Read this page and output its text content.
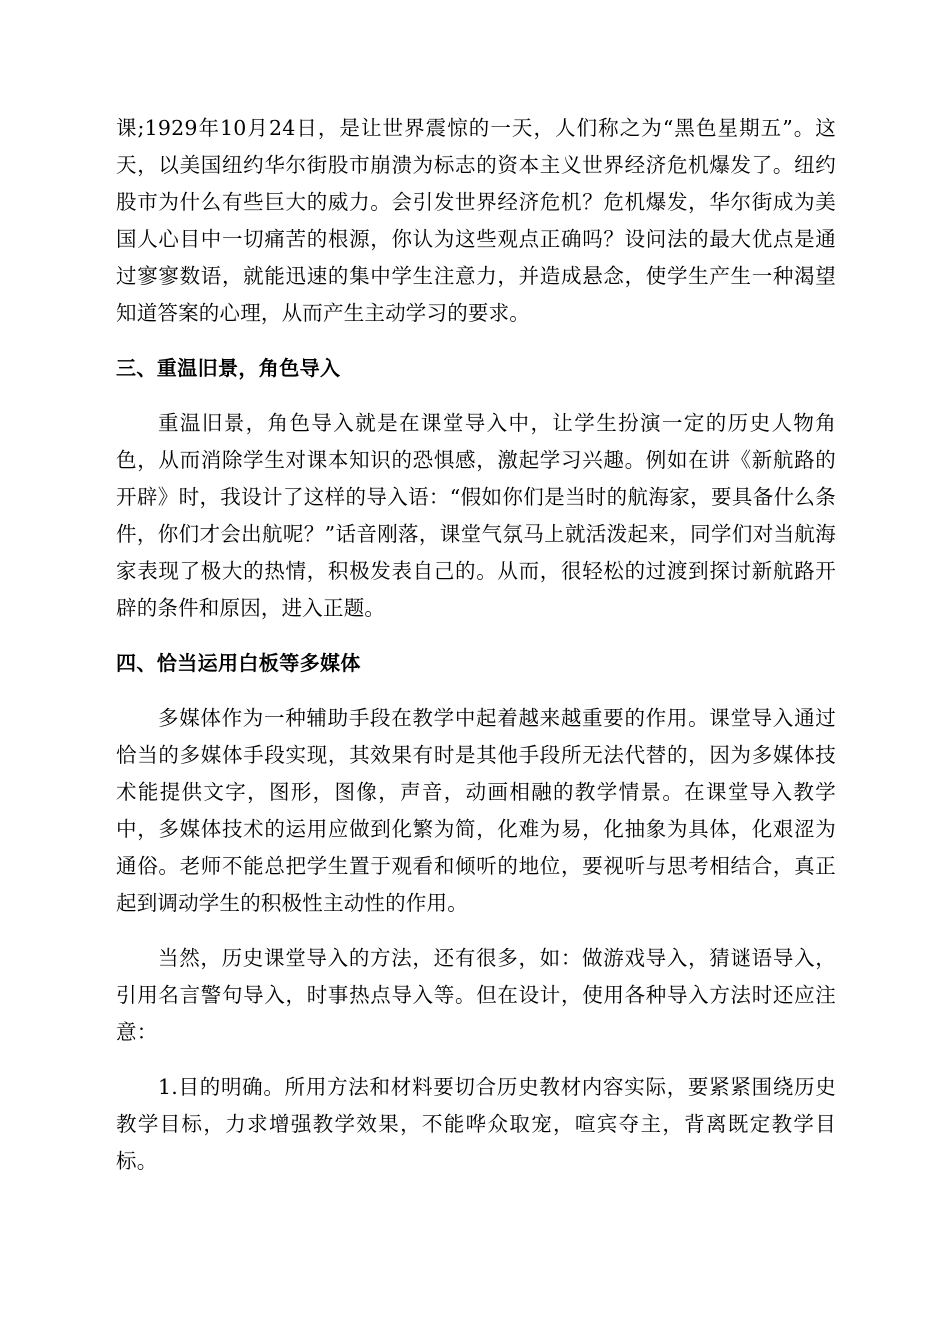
课;1929年10月24日，是让世界震惊的一天，人们称之为“黑色星期五”。这天，以美国纽约华尔街股市崩溃为标志的资本主义世界经济危机爆发了。纽约股市为什么有些巨大的威力。会引发世界经济危机？危机爆发，华尔街成为美国人心目中一切痛苦的根源，你认为这些观点正确吗？设问法的最大优点是通过寥寥数语，就能迅速的集中学生注意力，并造成悬念，使学生产生一种渴望知道答案的心理，从而产生主动学习的要求。

三、重温旧景，角色导入

重温旧景，角色导入就是在课堂导入中，让学生扮演一定的历史人物角色，从而消除学生对课本知识的恐惧感，激起学习兴趣。例如在讲《新航路的开辟》时，我设计了这样的导入语：“假如你们是当时的航海家，要具备什么条件，你们才会出航呢？”话音刚落，课堂气氛马上就活泼起来，同学们对当航海家表现了极大的热情，积极发表自己的。从而，很轻松的过渡到探讨新航路开辟的条件和原因，进入正题。

四、恰当运用白板等多媒体

多媒体作为一种辅助手段在教学中起着越来越重要的作用。课堂导入通过恰当的多媒体手段实现，其效果有时是其他手段所无法代替的，因为多媒体技术能提供文字，图形，图像，声音，动画相融的教学情景。在课堂导入教学中，多媒体技术的运用应做到化繁为简，化难为易，化抽象为具体，化艰涩为通俗。老师不能总把学生置于观看和倾听的地位，要视听与思考相结合，真正起到调动学生的积极性主动性的作用。

当然，历史课堂导入的方法，还有很多，如：做游戏导入，猜谜语导入，引用名言警句导入，时事热点导入等。但在设计，使用各种导入方法时还应注意：

1.目的明确。所用方法和材料要切合历史教材内容实际，要紧紧围绕历史教学目标，力求增强教学效果，不能哗众取宠，喧宾夺主，背离既定教学目标。
